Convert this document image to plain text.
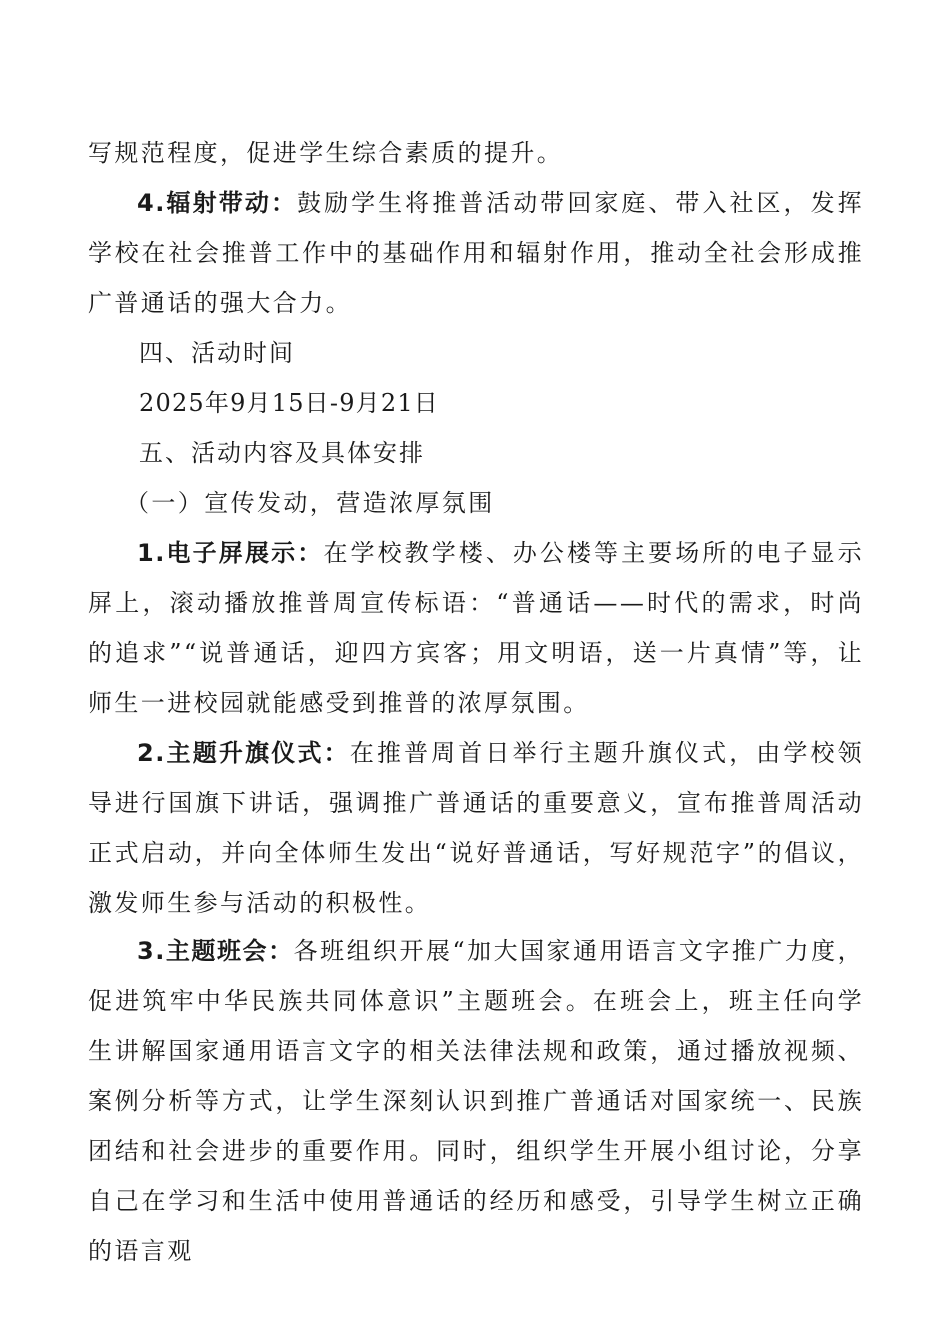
写规范程度，促进学生综合素质的提升。

4.辐射带动：鼓励学生将推普活动带回家庭、带入社区，发挥学校在社会推普工作中的基础作用和辐射作用，推动全社会形成推广普通话的强大合力。

四、活动时间
2025年9月15日-9月21日
五、活动内容及具体安排
（一）宣传发动，营造浓厚氛围

1.电子屏展示：在学校教学楼、办公楼等主要场所的电子显示屏上，滚动播放推普周宣传标语：“普通话——时代的需求，时尚的追求”“说普通话，迎四方宾客；用文明语，送一片真情”等，让师生一进校园就能感受到推普的浓厚氛围。

2.主题升旗仪式：在推普周首日举行主题升旗仪式，由学校领导进行国旗下讲话，强调推广普通话的重要意义，宣布推普周活动正式启动，并向全体师生发出“说好普通话，写好规范字”的倡议，激发师生参与活动的积极性。

3.主题班会：各班组织开展“加大国家通用语言文字推广力度，促进筑牢中华民族共同体意识”主题班会。在班会上，班主任向学生讲解国家通用语言文字的相关法律法规和政策，通过播放视频、案例分析等方式，让学生深刻认识到推广普通话对国家统一、民族团结和社会进步的重要作用。同时，组织学生开展小组讨论，分享自己在学习和生活中使用普通话的经历和感受，引导学生树立正确的语言观
